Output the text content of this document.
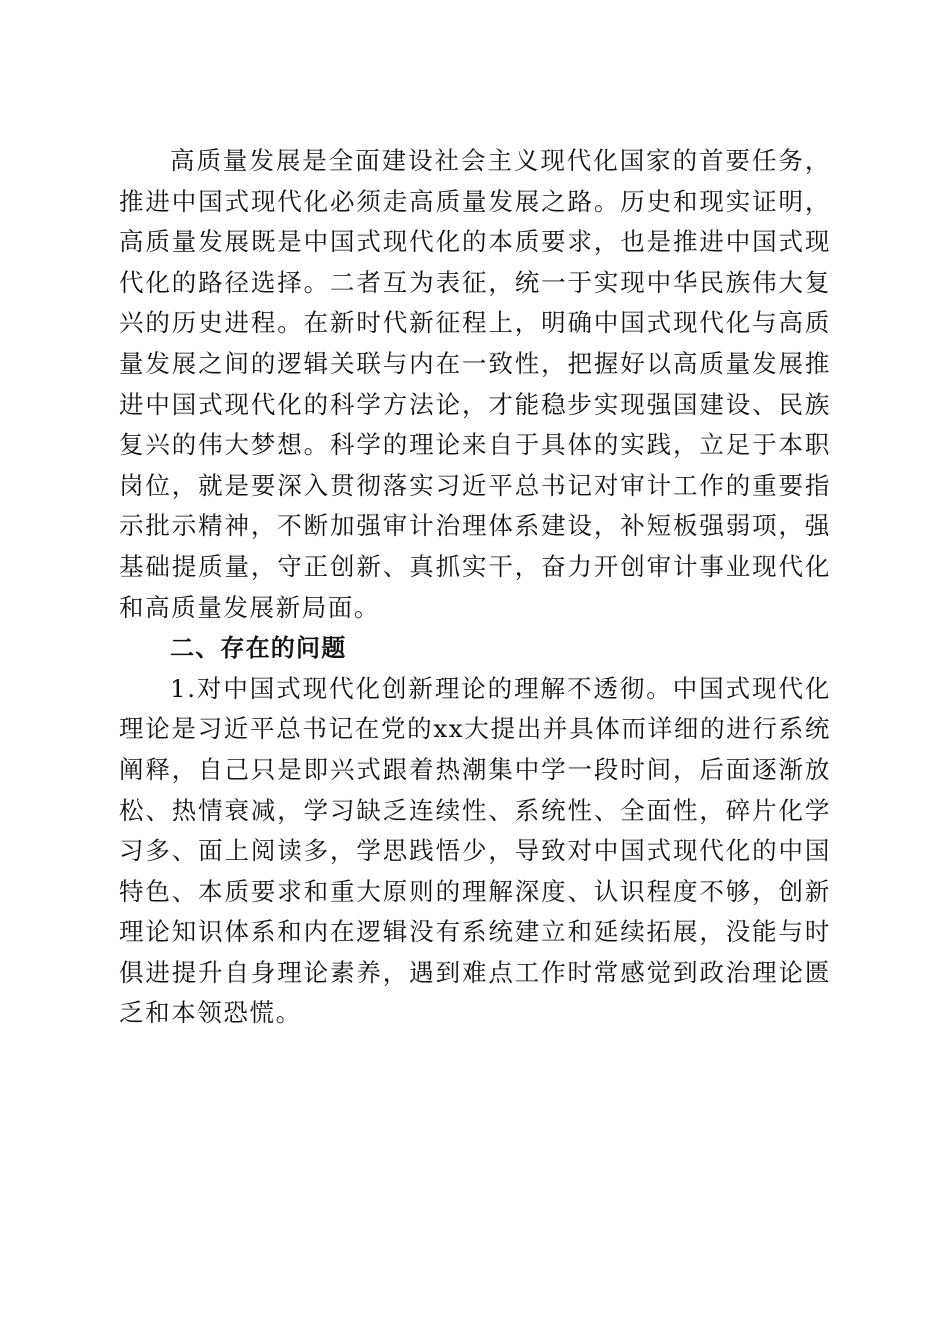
高质量发展是全面建设社会主义现代化国家的首要任务，推进中国式现代化必须走高质量发展之路。历史和现实证明，高质量发展既是中国式现代化的本质要求，也是推进中国式现代化的路径选择。二者互为表征，统一于实现中华民族伟大复兴的历史进程。在新时代新征程上，明确中国式现代化与高质量发展之间的逻辑关联与内在一致性，把握好以高质量发展推进中国式现代化的科学方法论，才能稳步实现强国建设、民族复兴的伟大梦想。科学的理论来自于具体的实践，立足于本职岗位，就是要深入贯彻落实习近平总书记对审计工作的重要指示批示精神，不断加强审计治理体系建设，补短板强弱项，强基础提质量，守正创新、真抓实干，奋力开创审计事业现代化和高质量发展新局面。

二、存在的问题

1.对中国式现代化创新理论的理解不透彻。中国式现代化理论是习近平总书记在党的xx大提出并具体而详细的进行系统阐释，自己只是即兴式跟着热潮集中学一段时间，后面逐渐放松、热情衰减，学习缺乏连续性、系统性、全面性，碎片化学习多、面上阅读多，学思践悟少，导致对中国式现代化的中国特色、本质要求和重大原则的理解深度、认识程度不够，创新理论知识体系和内在逻辑没有系统建立和延续拓展，没能与时俱进提升自身理论素养，遇到难点工作时常感觉到政治理论匮乏和本领恐慌。
